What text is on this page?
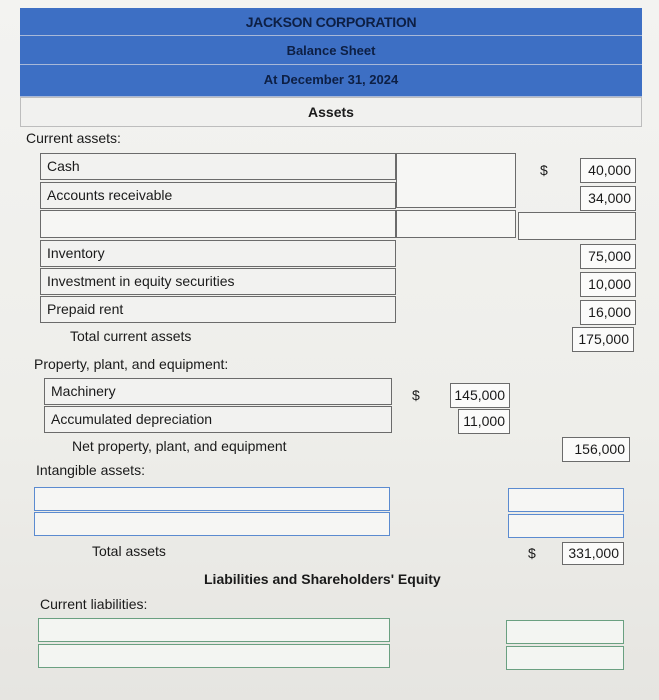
JACKSON CORPORATION
Balance Sheet
At December 31, 2024
Assets
Current assets:
Cash	$	40,000
Accounts receivable	34,000
Inventory	75,000
Investment in equity securities	10,000
Prepaid rent	16,000
Total current assets	175,000
Property, plant, and equipment:
Machinery	$	145,000
Accumulated depreciation	11,000
Net property, plant, and equipment	156,000
Intangible assets:
Total assets	$	331,000
Liabilities and Shareholders' Equity
Current liabilities:
